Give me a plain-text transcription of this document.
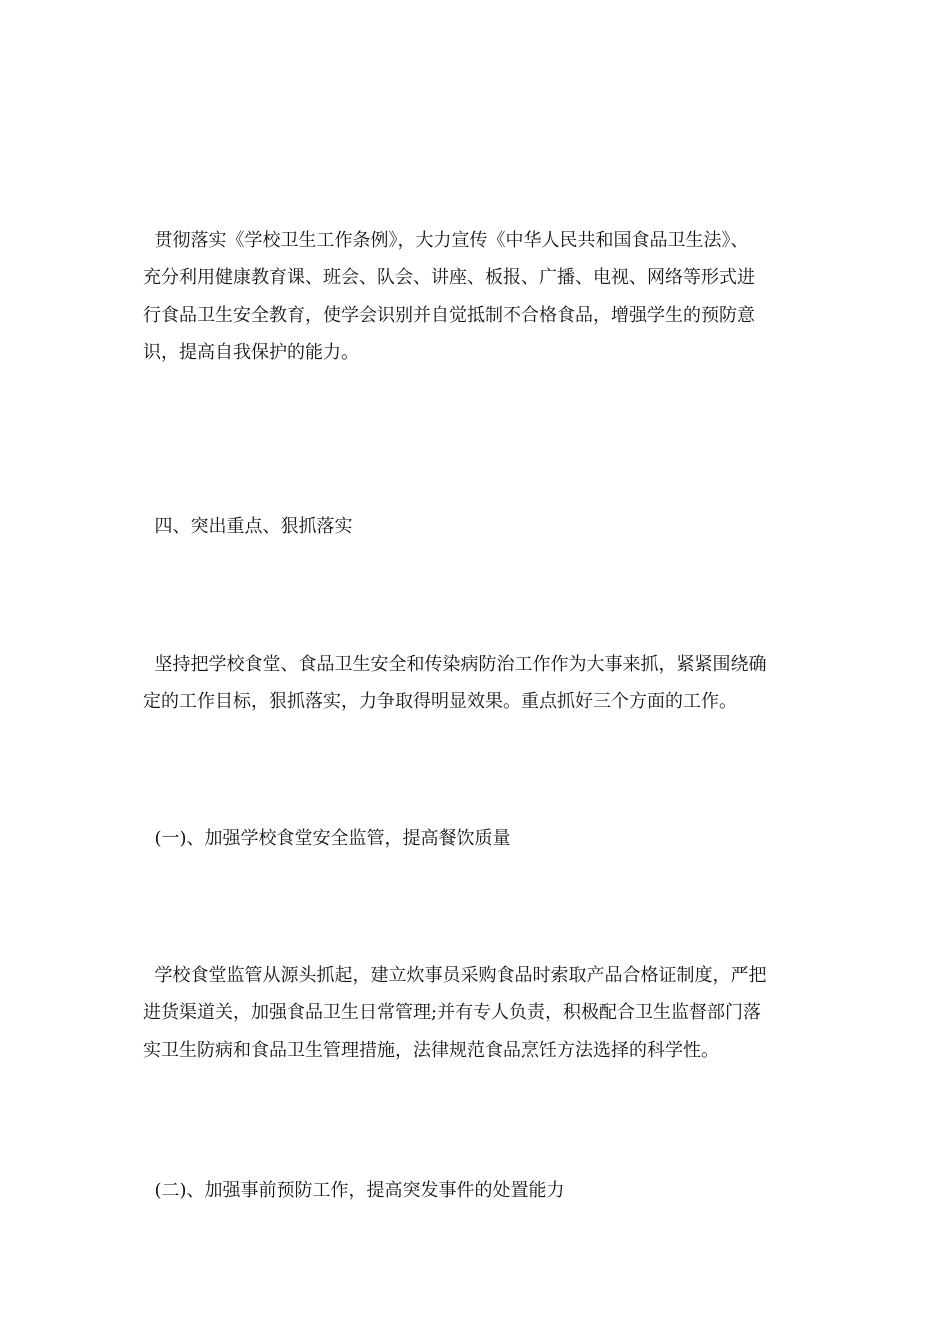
贯彻落实《学校卫生工作条例》，大力宣传《中华人民共和国食品卫生法》、
充分利用健康教育课、班会、队会、讲座、板报、广播、电视、网络等形式进
行食品卫生安全教育，使学会识别并自觉抵制不合格食品，增强学生的预防意
识，提高自我保护的能力。
四、突出重点、狠抓落实
坚持把学校食堂、食品卫生安全和传染病防治工作作为大事来抓，紧紧围绕确
定的工作目标，狠抓落实，力争取得明显效果。重点抓好三个方面的工作。
(一)、加强学校食堂安全监管，提高餐饮质量
学校食堂监管从源头抓起，建立炊事员采购食品时索取产品合格证制度，严把
进货渠道关，加强食品卫生日常管理;并有专人负责，积极配合卫生监督部门落
实卫生防病和食品卫生管理措施，法律规范食品烹饪方法选择的科学性。
(二)、加强事前预防工作，提高突发事件的处置能力
